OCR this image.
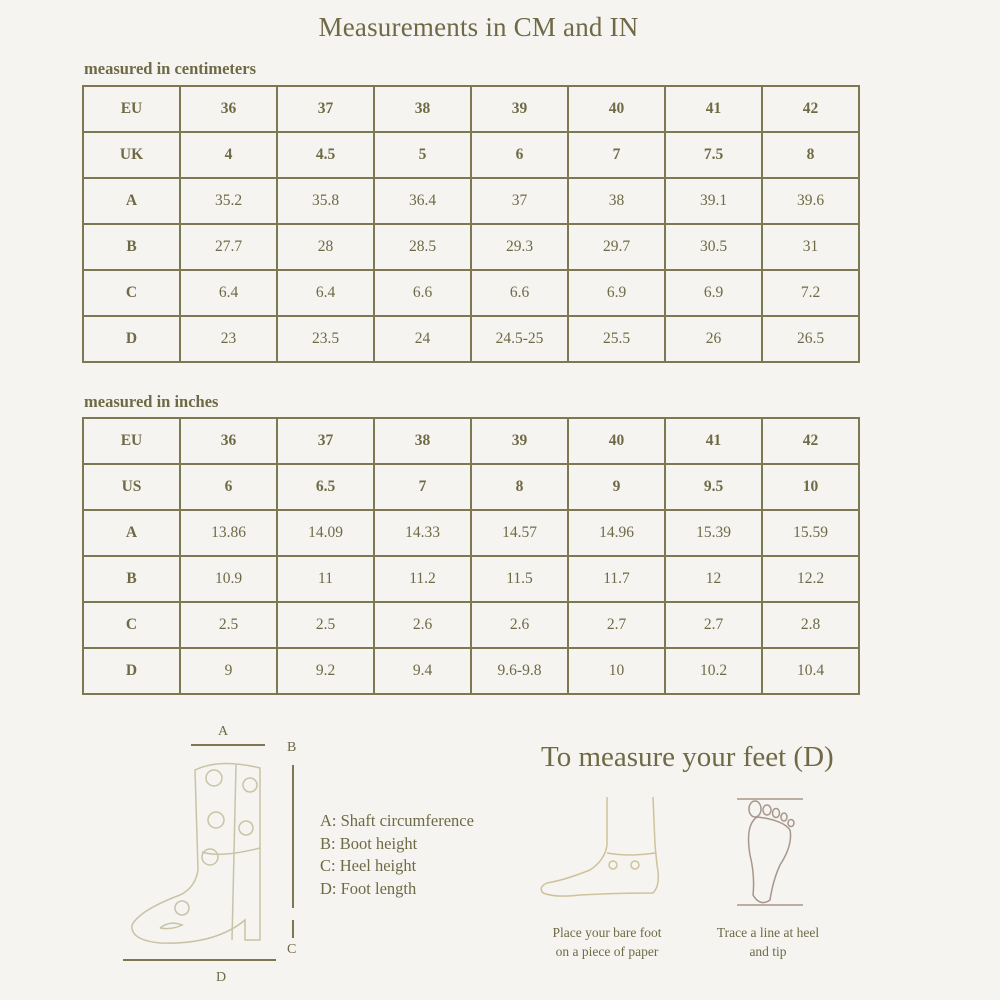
Measurements in CM and IN
measured in centimeters
EU	36	37	38	39	40	41	42
UK	4	4.5	5	6	7	7.5	8
A	35.2	35.8	36.4	37	38	39.1	39.6
B	27.7	28	28.5	29.3	29.7	30.5	31
C	6.4	6.4	6.6	6.6	6.9	6.9	7.2
D	23	23.5	24	24.5-25	25.5	26	26.5
measured in inches
EU	36	37	38	39	40	41	42
US	6	6.5	7	8	9	9.5	10
A	13.86	14.09	14.33	14.57	14.96	15.39	15.59
B	10.9	11	11.2	11.5	11.7	12	12.2
C	2.5	2.5	2.6	2.6	2.7	2.7	2.8
D	9	9.2	9.4	9.6-9.8	10	10.2	10.4
A
B
C
D
A: Shaft circumference
B: Boot height
C: Heel height
D: Foot length
To measure your feet (D)
Place your bare foot
on a piece of paper
Trace a line at heel
and tip
